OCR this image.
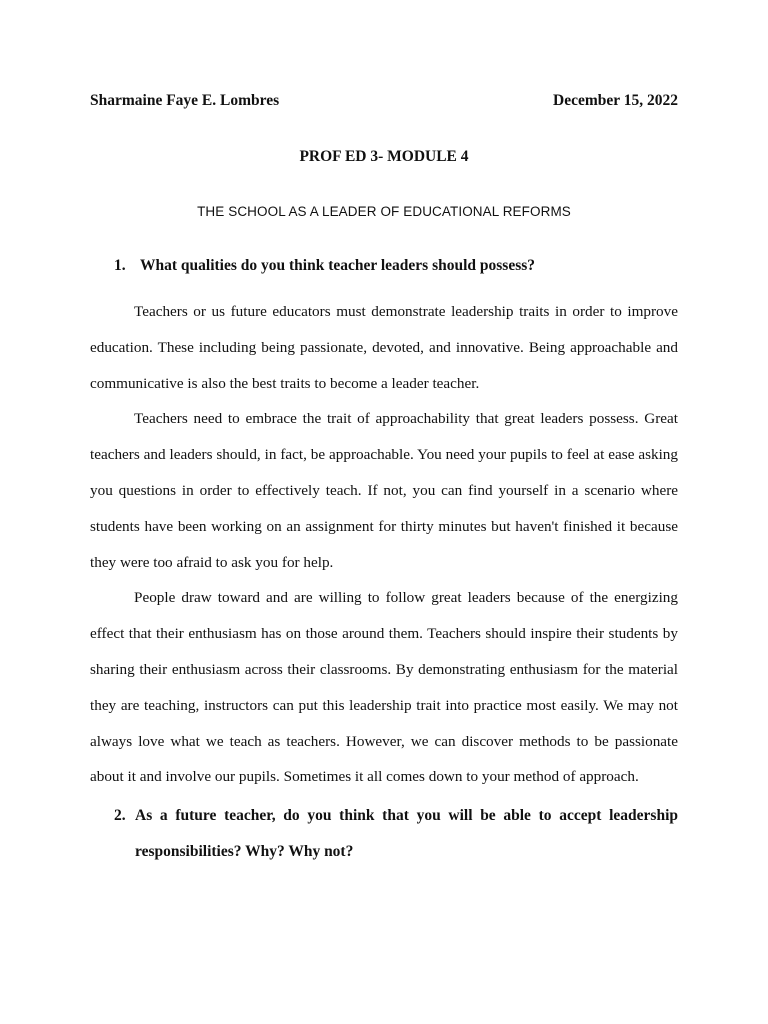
Sharmaine Faye E. Lombres	December 15, 2022
PROF ED 3- MODULE 4
THE SCHOOL AS A LEADER OF EDUCATIONAL REFORMS
1. What qualities do you think teacher leaders should possess?

Teachers or us future educators must demonstrate leadership traits in order to improve education. These including being passionate, devoted, and innovative. Being approachable and communicative is also the best traits to become a leader teacher.

Teachers need to embrace the trait of approachability that great leaders possess. Great teachers and leaders should, in fact, be approachable. You need your pupils to feel at ease asking you questions in order to effectively teach. If not, you can find yourself in a scenario where students have been working on an assignment for thirty minutes but haven't finished it because they were too afraid to ask you for help.

People draw toward and are willing to follow great leaders because of the energizing effect that their enthusiasm has on those around them. Teachers should inspire their students by sharing their enthusiasm across their classrooms. By demonstrating enthusiasm for the material they are teaching, instructors can put this leadership trait into practice most easily. We may not always love what we teach as teachers. However, we can discover methods to be passionate about it and involve our pupils. Sometimes it all comes down to your method of approach.

2. As a future teacher, do you think that you will be able to accept leadership responsibilities? Why? Why not?
